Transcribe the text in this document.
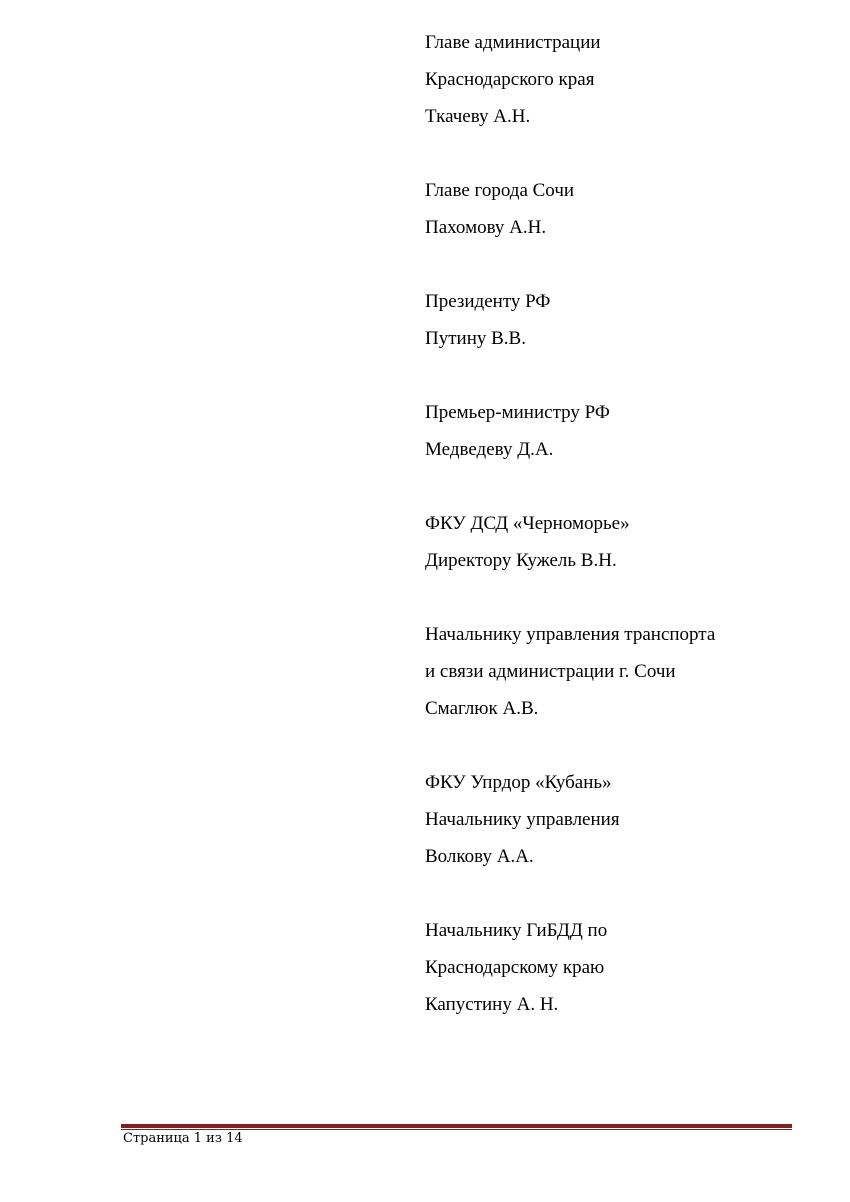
Главе администрации
Краснодарского края
Ткачеву А.Н.
Главе города Сочи
Пахомову А.Н.
Президенту РФ
Путину В.В.
Премьер-министру РФ
Медведеву Д.А.
ФКУ ДСД «Черноморье»
Директору Кужель В.Н.
Начальнику управления транспорта
и связи администрации г. Сочи
Смаглюк А.В.
ФКУ Упрдор «Кубань»
Начальнику управления
Волкову А.А.
Начальнику ГиБДД по
Краснодарскому краю
Капустину А. Н.
Страница 1 из 14
